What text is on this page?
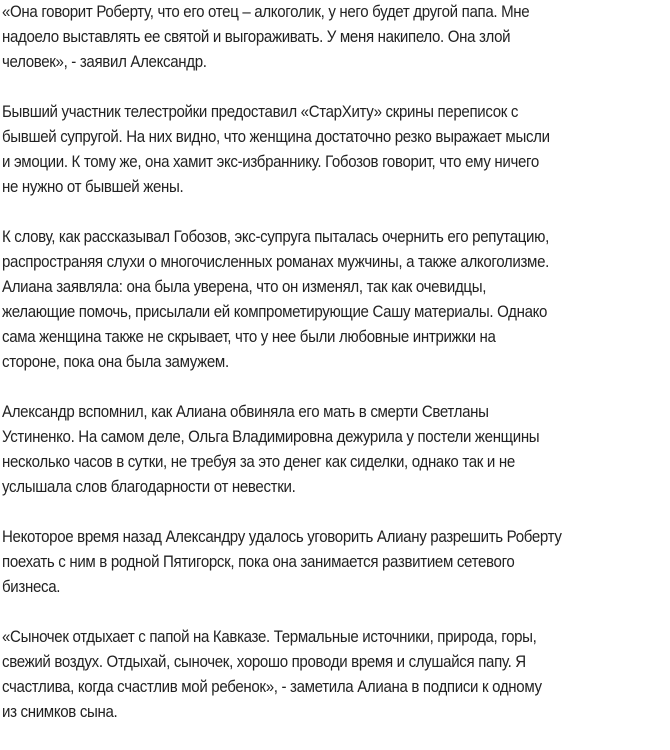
«Она говорит Роберту, что его отец – алкоголик, у него будет другой папа. Мне
надоело выставлять ее святой и выгораживать. У меня накипело. Она злой
человек», - заявил Александр.

Бывший участник телестройки предоставил «СтарХиту» скрины переписок с
бывшей супругой. На них видно, что женщина достаточно резко выражает мысли
и эмоции. К тому же, она хамит экс-избраннику. Гобозов говорит, что ему ничего
не нужно от бывшей жены.

К слову, как рассказывал Гобозов, экс-супруга пыталась очернить его репутацию,
распространяя слухи о многочисленных романах мужчины, а также алкоголизме.
Алиана заявляла: она была уверена, что он изменял, так как очевидцы,
желающие помочь, присылали ей компрометирующие Сашу материалы. Однако
сама женщина также не скрывает, что у нее были любовные интрижки на
стороне, пока она была замужем.

Александр вспомнил, как Алиана обвиняла его мать в смерти Светланы
Устиненко. На самом деле, Ольга Владимировна дежурила у постели женщины
несколько часов в сутки, не требуя за это денег как сиделки, однако так и не
услышала слов благодарности от невестки.

Некоторое время назад Александру удалось уговорить Алиану разрешить Роберту
поехать с ним в родной Пятигорск, пока она занимается развитием сетевого
бизнеса.

«Сыночек отдыхает с папой на Кавказе. Термальные источники, природа, горы,
свежий воздух. Отдыхай, сыночек, хорошо проводи время и слушайся папу. Я
счастлива, когда счастлив мой ребенок», - заметила Алиана в подписи к одному
из снимков сына.
